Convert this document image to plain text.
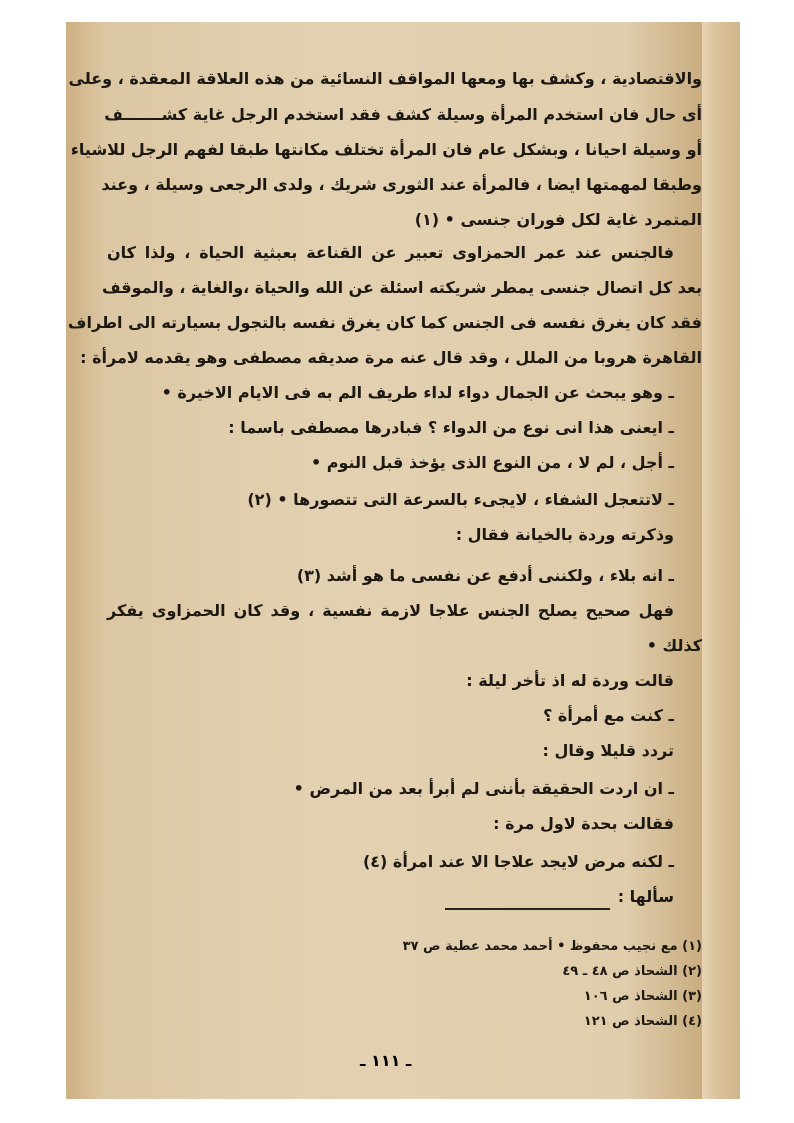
والاقتصادية ، وكشف بها ومعها المواقف النسائية من هذه العلاقة المعقدة ، وعلى
أى حال فان استخدم المرأة وسيلة كشف فقد استخدم الرجل غاية كشـــــــف
أو وسيلة احيانا ، وبشكل عام فان المرأة تختلف مكانتها طبقا لفهم الرجل للاشياء
وطبقا لمهمتها ايضا ، فالمرأة عند الثورى شريك ، ولدى الرجعى وسيلة ، وعند
المتمرد غاية لكل فوران جنسى • (١)
فالجنس عند عمر الحمزاوى تعبير عن القناعة بعبثية الحياة ، ولذا كان
بعد كل اتصال جنسى يمطر شريكته اسئلة عن الله والحياة ،والغاية ، والموقف
فقد كان يغرق نفسه فى الجنس كما كان يغرق نفسه بالتجول بسيارته الى اطراف
القاهرة هروبا من الملل ، وقد قال عنه مرة صديقه مصطفى وهو يقدمه لامرأة :
ـ وهو يبحث عن الجمال دواء لداء طريف الم به فى الايام الاخيرة •
ـ ايعنى هذا انى نوع من الدواء ؟ فبادرها مصطفى باسما :
ـ أجل ، لم لا ، من النوع الذى يؤخذ قبل النوم •
ـ لاتتعجل الشفاء ، لايجىء بالسرعة التى تتصورها • (٢)
وذكرته وردة بالخيانة فقال :
ـ انه بلاء ، ولكننى أدفع عن نفسى ما هو أشد (٣)
فهل صحيح يصلح الجنس علاجا لازمة نفسية ، وقد كان الحمزاوى يفكر
كذلك •
قالت وردة له اذ تأخر ليلة :
ـ كنت مع أمرأة ؟
تردد قليلا وقال :
ـ ان اردت الحقيقة بأننى لم أبرأ بعد من المرض •
فقالت بحدة لاول مرة :
ـ لكنه مرض لايجد علاجا الا عند امرأة (٤)
سألها :
(١) مع نجيب محفوظ • أحمد محمد عطية ص ٣٧
(٢) الشحاذ ص ٤٨ ـ ٤٩
(٣) الشحاذ ص ١٠٦
(٤) الشحاذ ص ١٢١
ـ ١١١ ـ
